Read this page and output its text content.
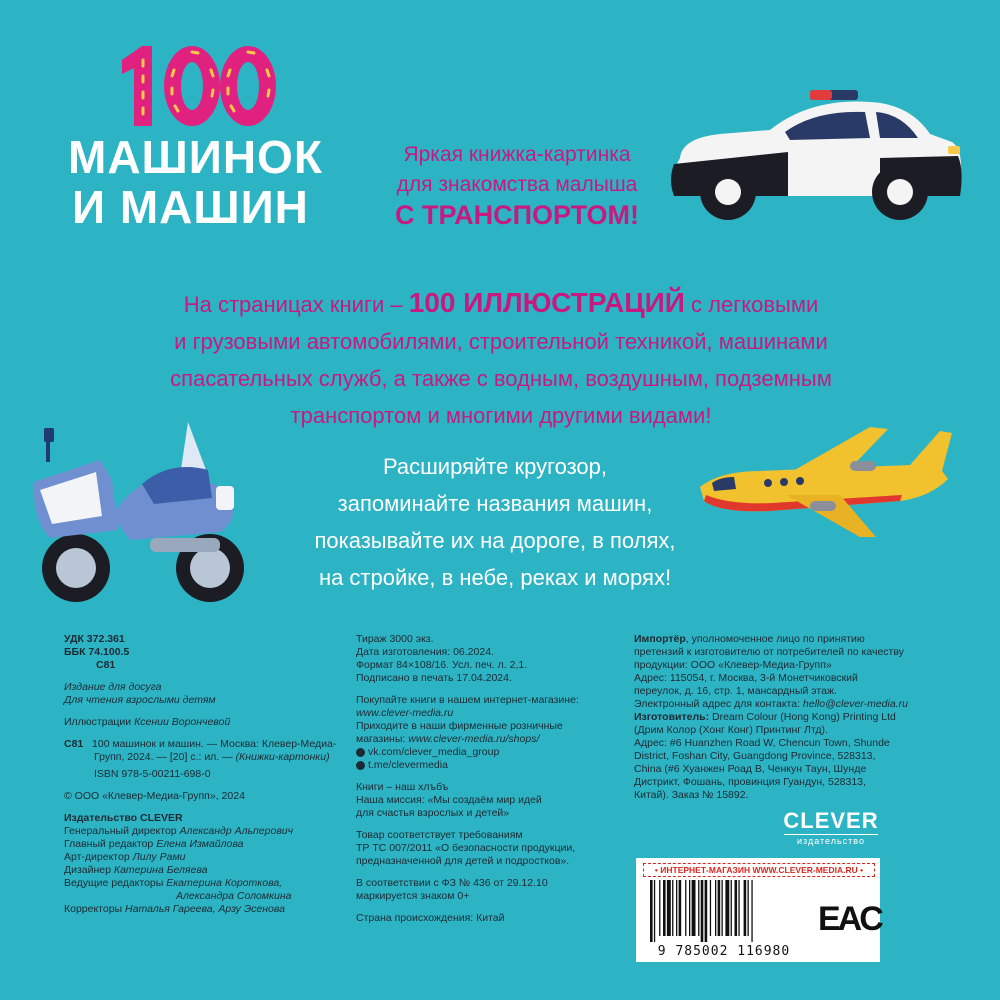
100
МАШИНОК
И МАШИН
Яркая книжка-картинка
для знакомства малыша
С ТРАНСПОРТОМ!
На страницах книги – 100 ИЛЛЮСТРАЦИЙ с легковыми
и грузовыми автомобилями, строительной техникой, машинами
спасательных служб, а также с водным, воздушным, подземным
транспортом и многими другими видами!
Расширяйте кругозор,
запоминайте названия машин,
показывайте их на дороге, в полях,
на стройке, в небе, реках и морях!

УДК 372.361

ББК 74.100.5

С81

Издание для досуга

Для чтения взрослыми детям

Иллюстрации Ксении Ворончевой

С81 100 машинок и машин. — Москва: Клевер-Медиа-

Групп, 2024. — [20] с.: ил. — (Книжки-картонки)

ISBN 978-5-00211-698-0

© ООО «Клевер-Медиа-Групп», 2024

Издательство CLEVER

Генеральный директор Александр Альперович

Главный редактор Елена Измайлова

Арт-директор Лилу Рами

Дизайнер Катерина Беляева

Ведущие редакторы Екатерина Короткова,

Александра Соломкина

Корректоры Наталья Гареева, Арзу Эсенова

Тираж 3000 экз.

Дата изготовления: 06.2024.

Формат 84×108/16. Усл. печ. л. 2,1.

Подписано в печать 17.04.2024.

Покупайте книги в нашем интернет-магазине:

www.clever-media.ru

Приходите в наши фирменные розничные

магазины: www.clever-media.ru/shops/

vk.com/clever_media_group

t.me/clevermedia

Книги – наш хлъбъ

Наша миссия: «Мы создаём мир идей

для счастья взрослых и детей»

Товар соответствует требованиям

ТР ТС 007/2011 «О безопасности продукции,

предназначенной для детей и подростков».

В соответствии с ФЗ № 436 от 29.12.10

маркируется знаком 0+

Страна происхождения: Китай

Импортёр, уполномоченное лицо по принятию

претензий к изготовителю от потребителей по качеству

продукции: ООО «Клевер-Медиа-Групп»

Адрес: 115054, г. Москва, 3-й Монетчиковский

переулок, д. 16, стр. 1, мансардный этаж.

Электронный адрес для контакта: hello@clever-media.ru

Изготовитель: Dream Colour (Hong Kong) Printing Ltd

(Дрим Колор (Хонг Конг) Принтинг Лтд).

Адрес: #6 Huanzhen Road W, Chencun Town, Shunde

District, Foshan City, Guangdong Province, 528313,

China (#6 Хуанжен Роад В, Ченкун Таун, Шунде

Дистрикт, Фошань, провинция Гуандун, 528313,

Китай). Заказ № 15892.

CLEVER
издательство
• ИНТЕРНЕТ-МАГАЗИН WWW.CLEVER-MEDIA.RU •
9 785002 116980
EAC
